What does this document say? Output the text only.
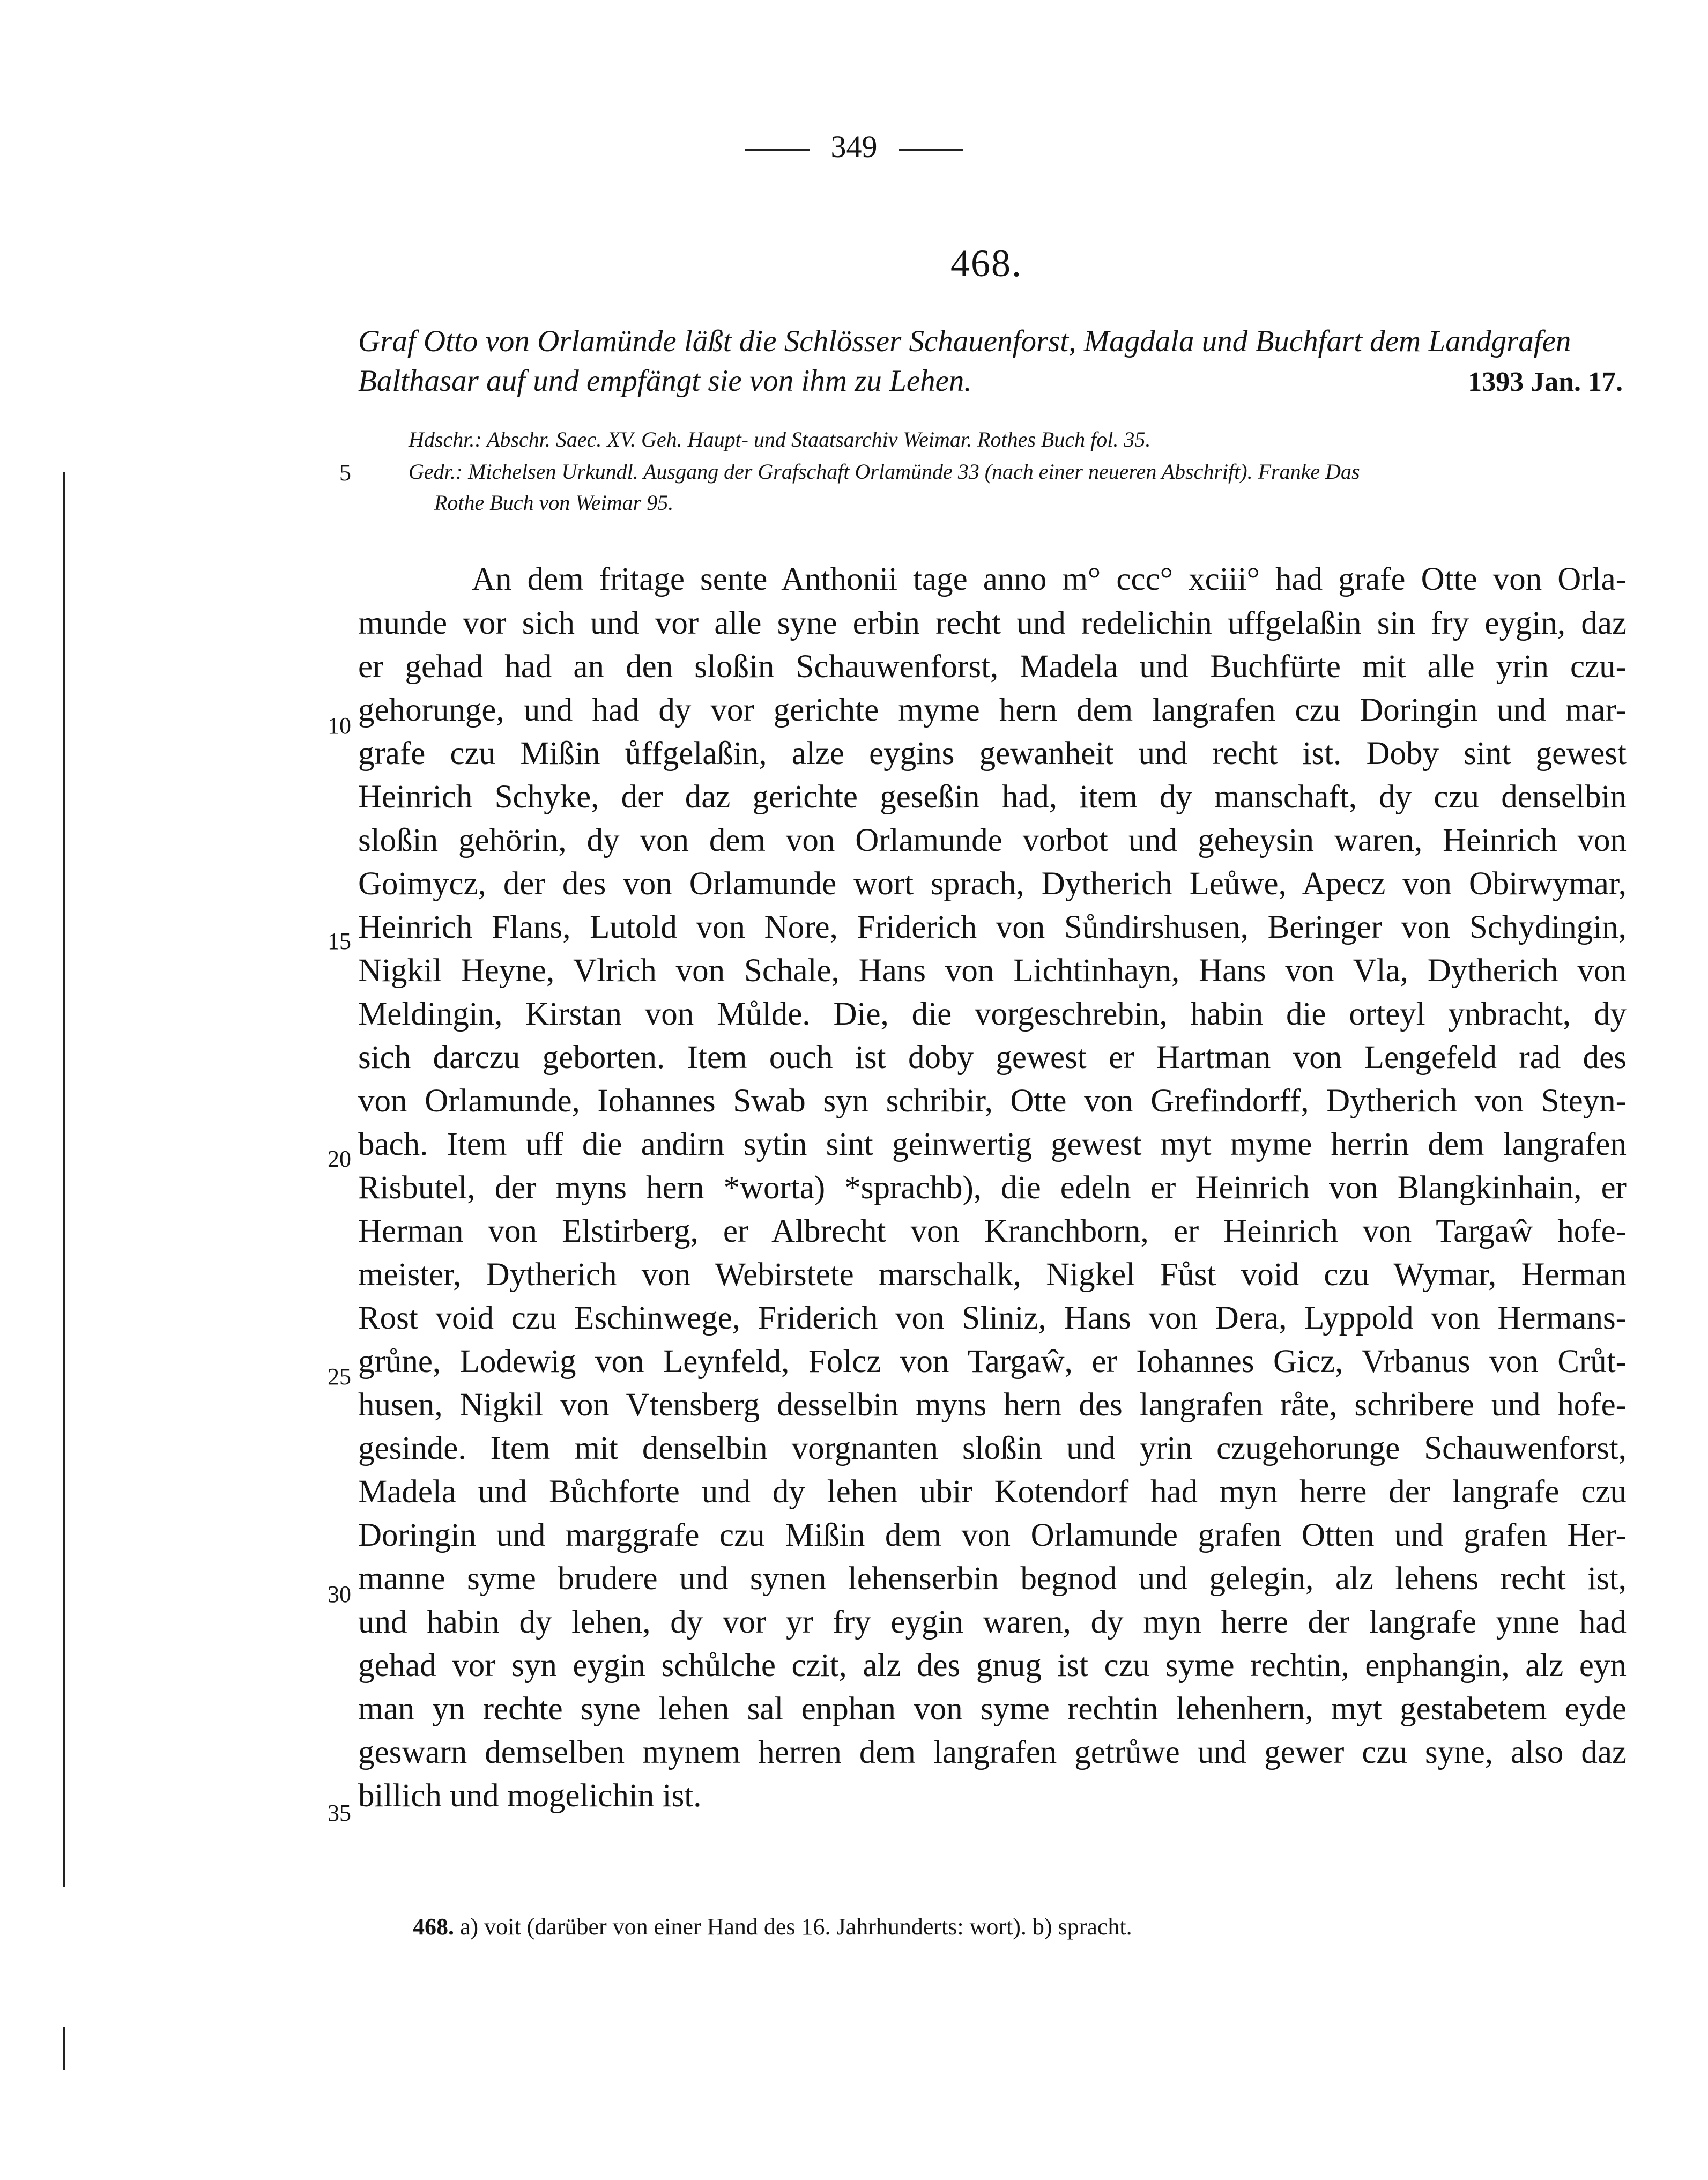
349
468.
Graf Otto von Orlamünde läßt die Schlösser Schauenforst, Magdala und Buchfart dem Landgrafen
Balthasar auf und empfängt sie von ihm zu Lehen.	1393 Jan. 17.
Hdschr.: Abschr. Saec. XV. Geh. Haupt- und Staatsarchiv Weimar. Rothes Buch fol. 35.
Gedr.: Michelsen Urkundl. Ausgang der Grafschaft Orlamünde 33 (nach einer neueren Abschrift). Franke Das
Rothe Buch von Weimar 95.
5
10
15
20
25
30
35
An dem fritage sente Anthonii tage anno m° ccc° xciii° had grafe Otte von Orla-
munde vor sich und vor alle syne erbin recht und redelichin uffgelaßin sin fry eygin, daz
er gehad had an den sloßin Schauwenforst, Madela und Buchfürte mit alle yrin czu-
gehorunge, und had dy vor gerichte myme hern dem langrafen czu Doringin und mar-
grafe czu Mißin ůffgelaßin, alze eygins gewanheit und recht ist. Doby sint gewest
Heinrich Schyke, der daz gerichte geseßin had, item dy manschaft, dy czu denselbin
sloßin gehörin, dy von dem von Orlamunde vorbot und geheysin waren, Heinrich von
Goimycz, der des von Orlamunde wort sprach, Dytherich Leůwe, Apecz von Obirwymar,
Heinrich Flans, Lutold von Nore, Friderich von Sůndirshusen, Beringer von Schydingin,
Nigkil Heyne, Vlrich von Schale, Hans von Lichtinhayn, Hans von Vla, Dytherich von
Meldingin, Kirstan von Můlde. Die, die vorgeschrebin, habin die orteyl ynbracht, dy
sich darczu geborten. Item ouch ist doby gewest er Hartman von Lengefeld rad des
von Orlamunde, Iohannes Swab syn schribir, Otte von Grefindorff, Dytherich von Steyn-
bach. Item uff die andirn sytin sint geinwertig gewest myt myme herrin dem langrafen
Risbutel, der myns hern *worta) *sprachb), die edeln er Heinrich von Blangkinhain, er
Herman von Elstirberg, er Albrecht von Kranchborn, er Heinrich von Targaŵ hofe-
meister, Dytherich von Webirstete marschalk, Nigkel Fůst void czu Wymar, Herman
Rost void czu Eschinwege, Friderich von Sliniz, Hans von Dera, Lyppold von Hermans-
grůne, Lodewig von Leynfeld, Folcz von Targaŵ, er Iohannes Gicz, Vrbanus von Crůt-
husen, Nigkil von Vtensberg desselbin myns hern des langrafen råte, schribere und hofe-
gesinde. Item mit denselbin vorgnanten sloßin und yrin czugehorunge Schauwenforst,
Madela und Bůchforte und dy lehen ubir Kotendorf had myn herre der langrafe czu
Doringin und marggrafe czu Mißin dem von Orlamunde grafen Otten und grafen Her-
manne syme brudere und synen lehenserbin begnod und gelegin, alz lehens recht ist,
und habin dy lehen, dy vor yr fry eygin waren, dy myn herre der langrafe ynne had
gehad vor syn eygin schůlche czit, alz des gnug ist czu syme rechtin, enphangin, alz eyn
man yn rechte syne lehen sal enphan von syme rechtin lehenhern, myt gestabetem eyde
geswarn demselben mynem herren dem langrafen getrůwe und gewer czu syne, also daz
billich und mogelichin ist.
468. a) voit (darüber von einer Hand des 16. Jahrhunderts: wort). b) spracht.
